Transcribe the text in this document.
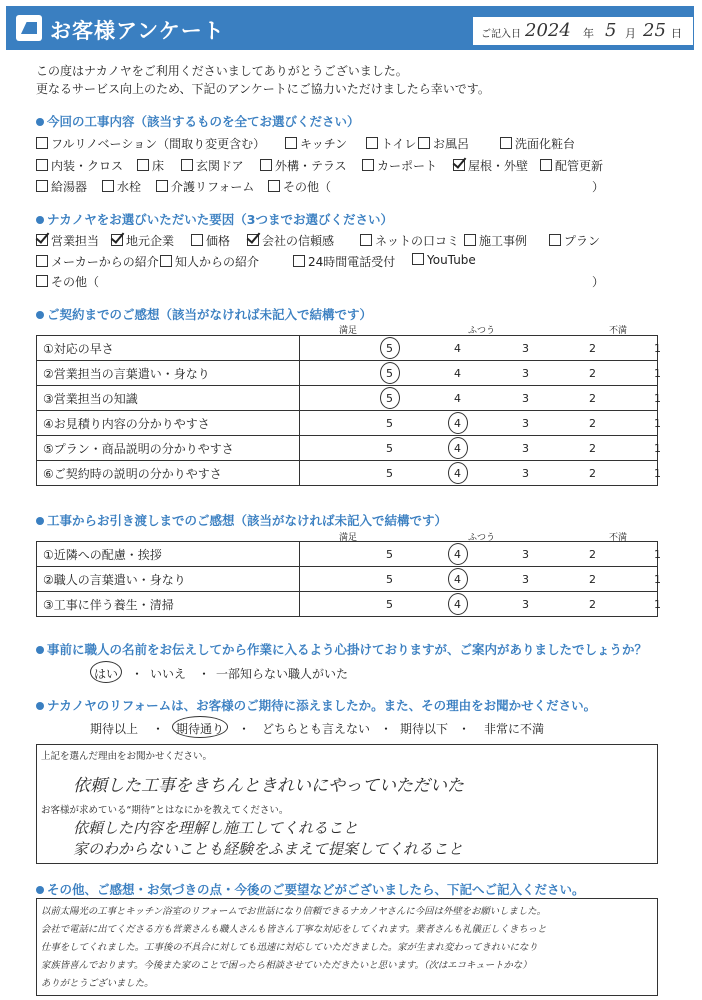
お客様アンケート	ご記入日 2024 年 5 月 25 日
この度はナカノヤをご利用くださいましてありがとうございました。
更なるサービス向上のため、下記のアンケートにご協力いただけましたら幸いです。
今回の工事内容（該当するものを全てお選びください）
フルリノベーション（間取り変更含む）	キッチン	トイレ	お風呂	洗面化粧台
内装・クロス	床	玄関ドア	外構・テラス	カーポート	屋根・外壁	配管更新
給湯器	水栓	介護リフォーム	その他（	）
ナカノヤをお選びいただいた要因（3つまでお選びください）
営業担当	地元企業	価格	会社の信頼感	ネットの口コミ	施工事例	プラン
メーカーからの紹介	知人からの紹介	24時間電話受付	YouTube
その他（	）
ご契約までのご感想（該当がなければ未記入で結構です）
満足	ふつう	不満
①対応の早さ	5 4 3 2 1

②営業担当の言葉遣い・身なり	5 4 3 2 1

③営業担当の知識	5 4 3 2 1

④お見積り内容の分かりやすさ	5 4 3 2 1

⑤プラン・商品説明の分かりやすさ	5 4 3 2 1

⑥ご契約時の説明の分かりやすさ	5 4 3 2 1
工事からお引き渡しまでのご感想（該当がなければ未記入で結構です）
満足	ふつう	不満
①近隣への配慮・挨拶	5 4 3 2 1

②職人の言葉遣い・身なり	5 4 3 2 1

③工事に伴う養生・清掃	5 4 3 2 1
事前に職人の名前をお伝えしてから作業に入るよう心掛けておりますが、ご案内がありましたでしょうか？
はい ・ いいえ ・ 一部知らない職人がいた
ナカノヤのリフォームは、お客様のご期待に添えましたか。また、その理由をお聞かせください。
期待以上 ・ 期待通り ・ どちらとも言えない ・ 期待以下 ・ 非常に不満
上記を選んだ理由をお聞かせください。
依頼した工事をきちんときれいにやっていただいた
お客様が求めている“期待”とはなにかを教えてください。
依頼した内容を理解し施工してくれること
家のわからないことも経験をふまえて提案してくれること
その他、ご感想・お気づきの点・今後のご要望などがございましたら、下記へご記入ください。
以前太陽光の工事とキッチン浴室のリフォームでお世話になり信頼できるナカノヤさんに今回は外壁をお願いしました。
会社で電話に出てくださる方も営業さんも職人さんも皆さん丁寧な対応をしてくれます。業者さんも礼儀正しくきちっと
仕事をしてくれました。工事後の不具合に対しても迅速に対応していただきました。家が生まれ変わってきれいになり
家族皆喜んでおります。今後また家のことで困ったら相談させていただきたいと思います。（次はエコキュートかな）
ありがとうございました。
